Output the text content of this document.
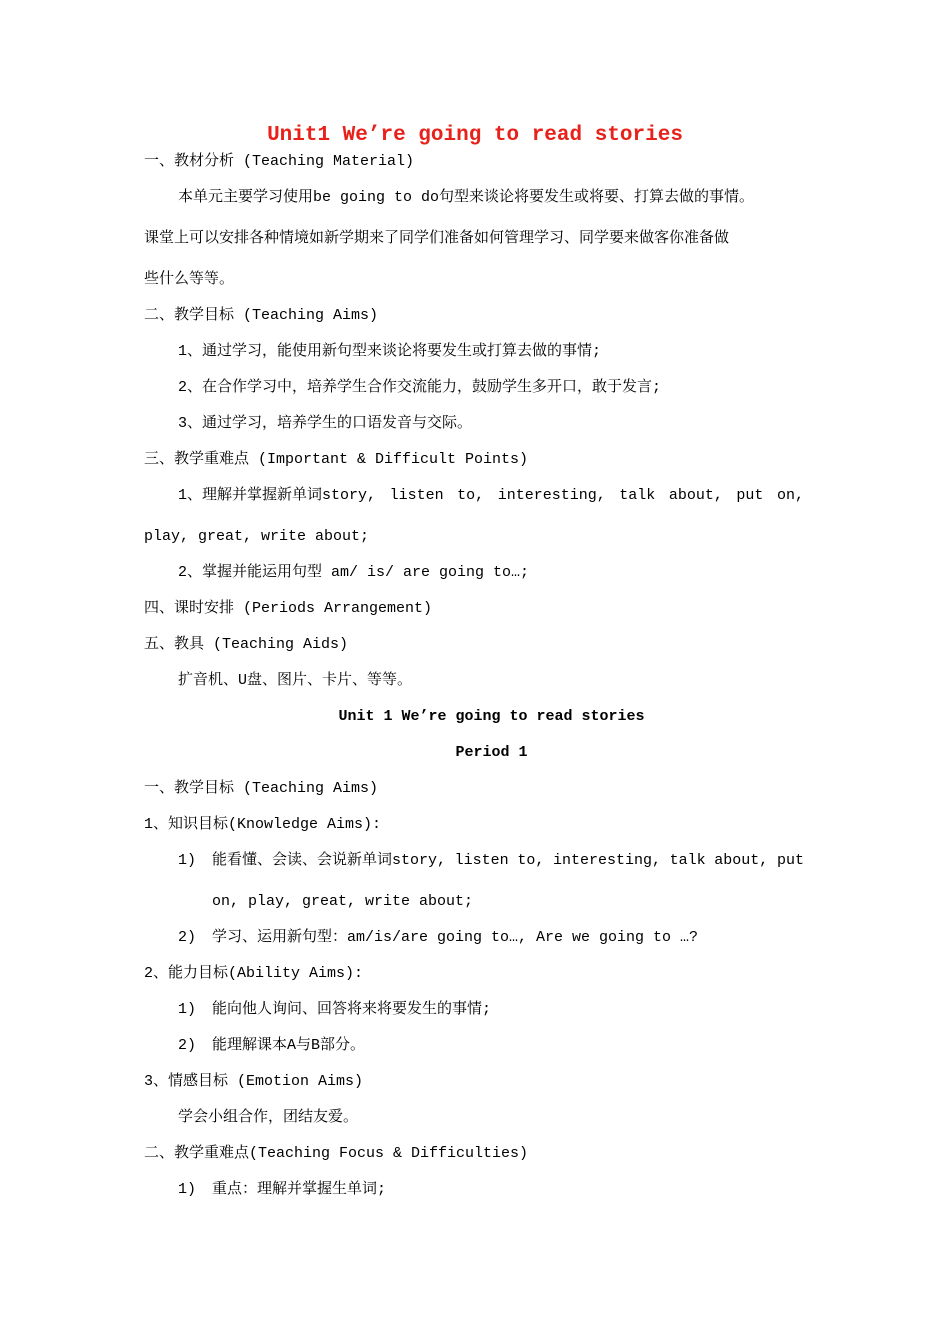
Unit1 We’re going to read stories
一、教材分析 (Teaching Material)
本单元主要学习使用be going to do句型来谈论将要发生或将要、打算去做的事情。
课堂上可以安排各种情境如新学期来了同学们准备如何管理学习、同学要来做客你准备做
些什么等等。
二、教学目标 (Teaching Aims)
1、通过学习，能使用新句型来谈论将要发生或打算去做的事情;
2、在合作学习中，培养学生合作交流能力，鼓励学生多开口，敢于发言;
3、通过学习，培养学生的口语发音与交际。
三、教学重难点 (Important & Difficult Points)
1、理解并掌握新单词story, listen to, interesting, talk about, put on,
play, great, write about;
2、掌握并能运用句型 am/ is/ are going to…;
四、课时安排 (Periods Arrangement)
五、教具 (Teaching Aids)
扩音机、U盘、图片、卡片、等等。
Unit 1 We’re going to read stories
Period 1
一、教学目标 (Teaching Aims)
1、知识目标(Knowledge Aims):
1) 能看懂、会读、会说新单词story, listen to, interesting, talk about, put
on, play, great, write about;
2) 学习、运用新句型：am/is/are going to…, Are we going to …?
2、能力目标(Ability Aims):
1) 能向他人询问、回答将来将要发生的事情;
2) 能理解课本A与B部分。
3、情感目标 (Emotion Aims)
学会小组合作，团结友爱。
二、教学重难点(Teaching Focus & Difficulties)
1) 重点：理解并掌握生单词;
